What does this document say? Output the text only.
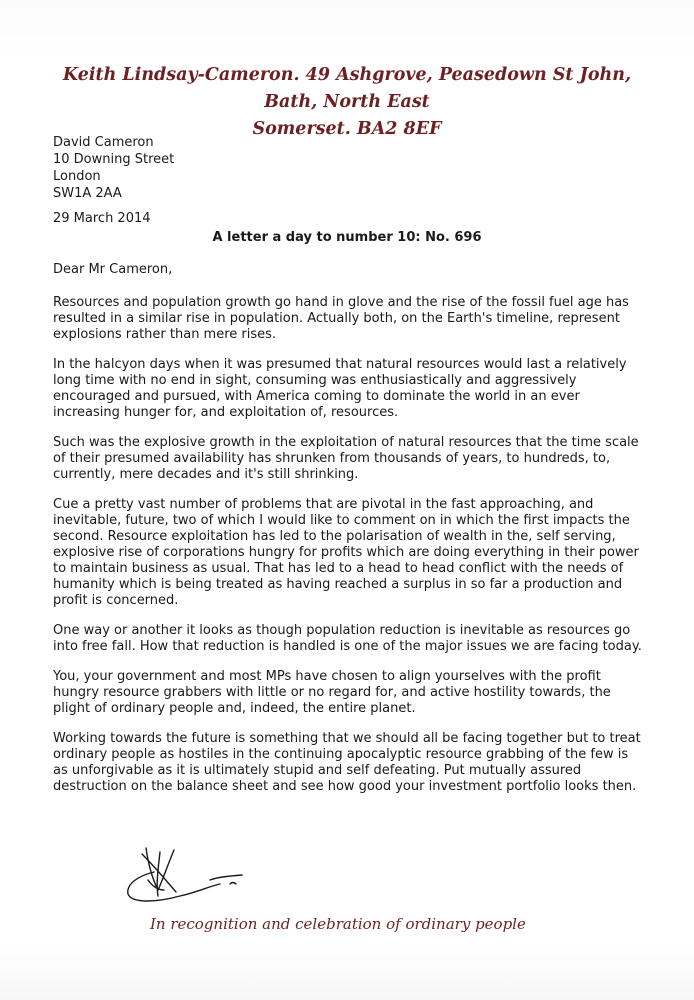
Keith Lindsay-Cameron. 49 Ashgrove, Peasedown St John, Bath, North East
Somerset. BA2 8EF
David Cameron
10 Downing Street
London
SW1A 2AA
29 March 2014
A letter a day to number 10: No. 696
Dear Mr Cameron,

Resources and population growth go hand in glove and the rise of the fossil fuel age has resulted in a similar rise in population. Actually both, on the Earth's timeline, represent explosions rather than mere rises.

In the halcyon days when it was presumed that natural resources would last a relatively long time with no end in sight, consuming was enthusiastically and aggressively encouraged and pursued, with America coming to dominate the world in an ever increasing hunger for, and exploitation of, resources.

Such was the explosive growth in the exploitation of natural resources that the time scale of their presumed availability has shrunken from thousands of years, to hundreds, to, currently, mere decades and it's still shrinking.

Cue a pretty vast number of problems that are pivotal in the fast approaching, and inevitable, future, two of which I would like to comment on in which the first impacts the second. Resource exploitation has led to the polarisation of wealth in the, self serving, explosive rise of corporations hungry for profits which are doing everything in their power to maintain business as usual. That has led to a head to head conflict with the needs of humanity which is being treated as having reached a surplus in so far a production and profit is concerned.

One way or another it looks as though population reduction is inevitable as resources go into free fall. How that reduction is handled is one of the major issues we are facing today.

You, your government and most MPs have chosen to align yourselves with the profit hungry resource grabbers with little or no regard for, and active hostility towards, the plight of ordinary people and, indeed, the entire planet.

Working towards the future is something that we should all be facing together but to treat ordinary people as hostiles in the continuing apocalyptic resource grabbing of the few is as unforgivable as it is ultimately stupid and self defeating. Put mutually assured destruction on the balance sheet and see how good your investment portfolio looks then.

In recognition and celebration of ordinary people
